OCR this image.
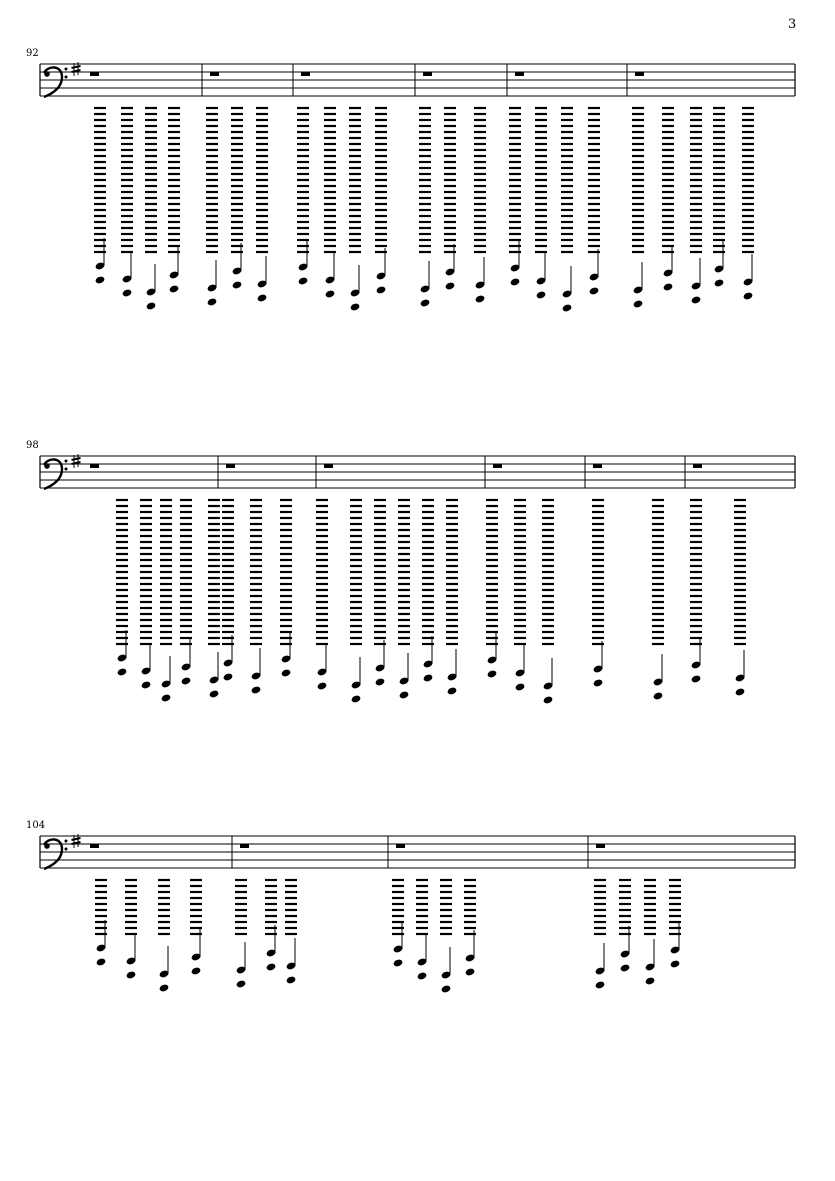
3
92
98
104
